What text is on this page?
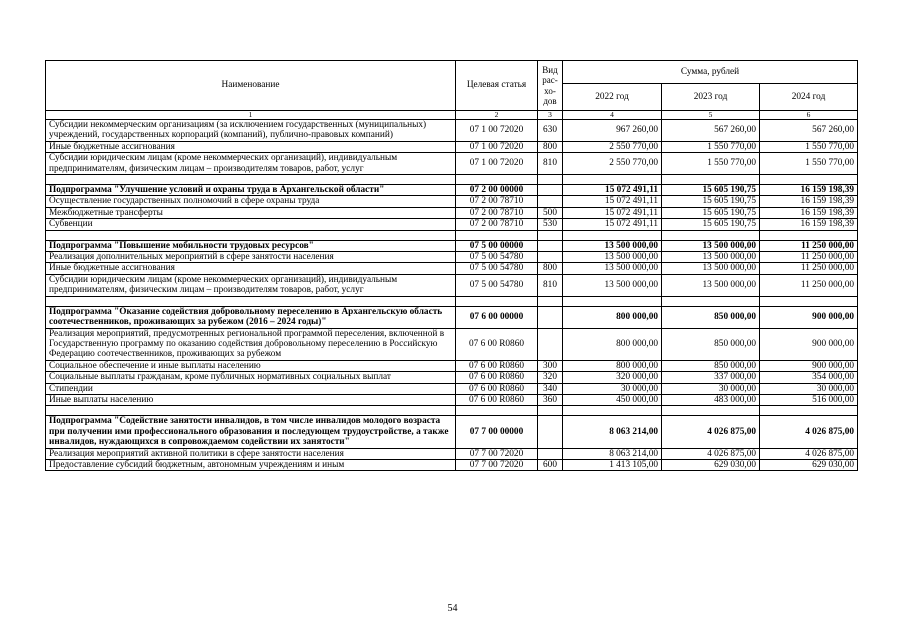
Наименование	Целевая статья	Вид рас-хо-дов	Сумма, рублей		
			2022 год	2023 год	2024 год
1	2	3	4	5	6
Субсидии некоммерческим организациям (за исключением государственных (муниципальных) учреждений, государственных корпораций (компаний), публично-правовых компаний)	07 1 00 72020	630	967 260,00	567 260,00	567 260,00
Иные бюджетные ассигнования	07 1 00 72020	800	2 550 770,00	1 550 770,00	1 550 770,00
Субсидии юридическим лицам (кроме некоммерческих организаций), индивидуальным предпринимателям, физическим лицам – производителям товаров, работ, услуг	07 1 00 72020	810	2 550 770,00	1 550 770,00	1 550 770,00

Подпрограмма "Улучшение условий и охраны труда в Архангельской области"	07 2 00 00000		15 072 491,11	15 605 190,75	16 159 198,39
Осуществление государственных полномочий в сфере охраны труда	07 2 00 78710		15 072 491,11	15 605 190,75	16 159 198,39
Межбюджетные трансферты	07 2 00 78710	500	15 072 491,11	15 605 190,75	16 159 198,39
Субвенции	07 2 00 78710	530	15 072 491,11	15 605 190,75	16 159 198,39

Подпрограмма "Повышение мобильности трудовых ресурсов"	07 5 00 00000		13 500 000,00	13 500 000,00	11 250 000,00
Реализация дополнительных мероприятий в сфере занятости населения	07 5 00 54780		13 500 000,00	13 500 000,00	11 250 000,00
Иные бюджетные ассигнования	07 5 00 54780	800	13 500 000,00	13 500 000,00	11 250 000,00
Субсидии юридическим лицам (кроме некоммерческих организаций), индивидуальным предпринимателям, физическим лицам – производителям товаров, работ, услуг	07 5 00 54780	810	13 500 000,00	13 500 000,00	11 250 000,00

Подпрограмма "Оказание содействия добровольному переселению в Архангельскую область соотечественников, проживающих за рубежом (2016 – 2024 годы)"	07 6 00 00000		800 000,00	850 000,00	900 000,00
Реализация мероприятий, предусмотренных региональной программой переселения, включенной в Государственную программу по оказанию содействия добровольному переселению в Российскую Федерацию соотечественников, проживающих за рубежом	07 6 00 R0860		800 000,00	850 000,00	900 000,00
Социальное обеспечение и иные выплаты населению	07 6 00 R0860	300	800 000,00	850 000,00	900 000,00
Социальные выплаты гражданам, кроме публичных нормативных социальных выплат	07 6 00 R0860	320	320 000,00	337 000,00	354 000,00
Стипендии	07 6 00 R0860	340	30 000,00	30 000,00	30 000,00
Иные выплаты населению	07 6 00 R0860	360	450 000,00	483 000,00	516 000,00

Подпрограмма "Содействие занятости инвалидов, в том числе инвалидов молодого возраста при получении ими профессионального образования и последующем трудоустройстве, а также инвалидов, нуждающихся в сопровождаемом содействии их занятости"	07 7 00 00000		8 063 214,00	4 026 875,00	4 026 875,00
Реализация мероприятий активной политики в сфере занятости населения	07 7 00 72020		8 063 214,00	4 026 875,00	4 026 875,00
Предоставление субсидий бюджетным, автономным учреждениям и иным	07 7 00 72020	600	1 413 105,00	629 030,00	629 030,00
54
